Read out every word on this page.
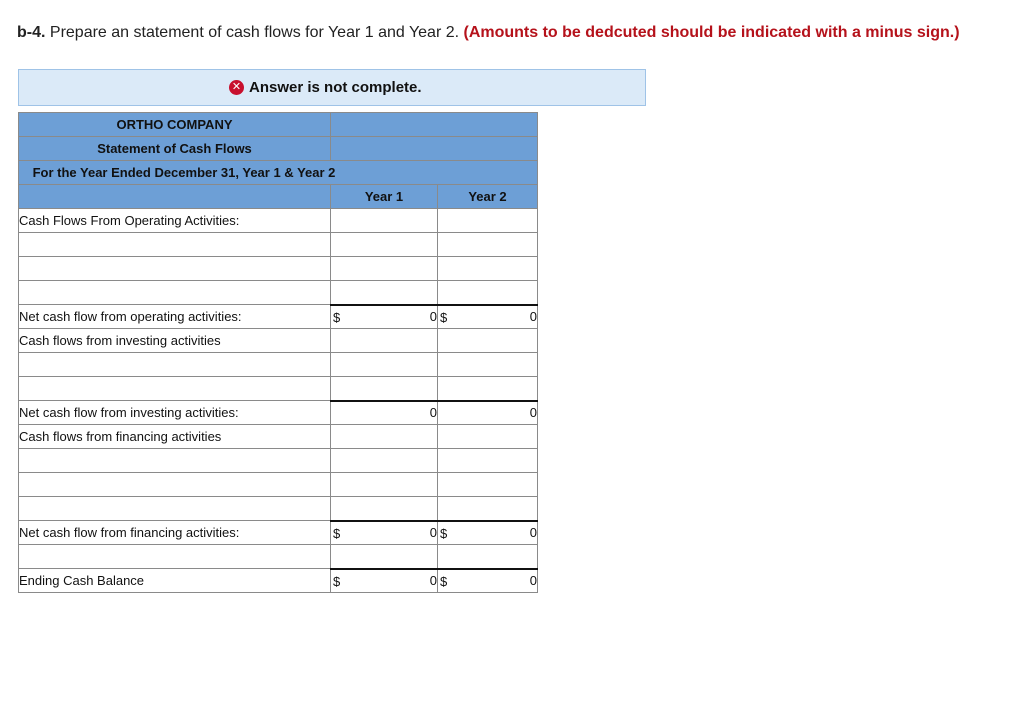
b-4. Prepare an statement of cash flows for Year 1 and Year 2. (Amounts to be dedcuted should be indicated with a minus sign.)
✕ Answer is not complete.
ORTHO COMPANY		
Statement of Cash Flows		
For the Year Ended December 31, Year 1 & Year 2		
	Year 1	Year 2
Cash Flows From Operating Activities:		

Net cash flow from operating activities:	$ 0	$ 0
Cash flows from investing activities		

Net cash flow from investing activities:	0	0
Cash flows from financing activities		

Net cash flow from financing activities:	$ 0	$ 0

Ending Cash Balance	$ 0	$ 0
